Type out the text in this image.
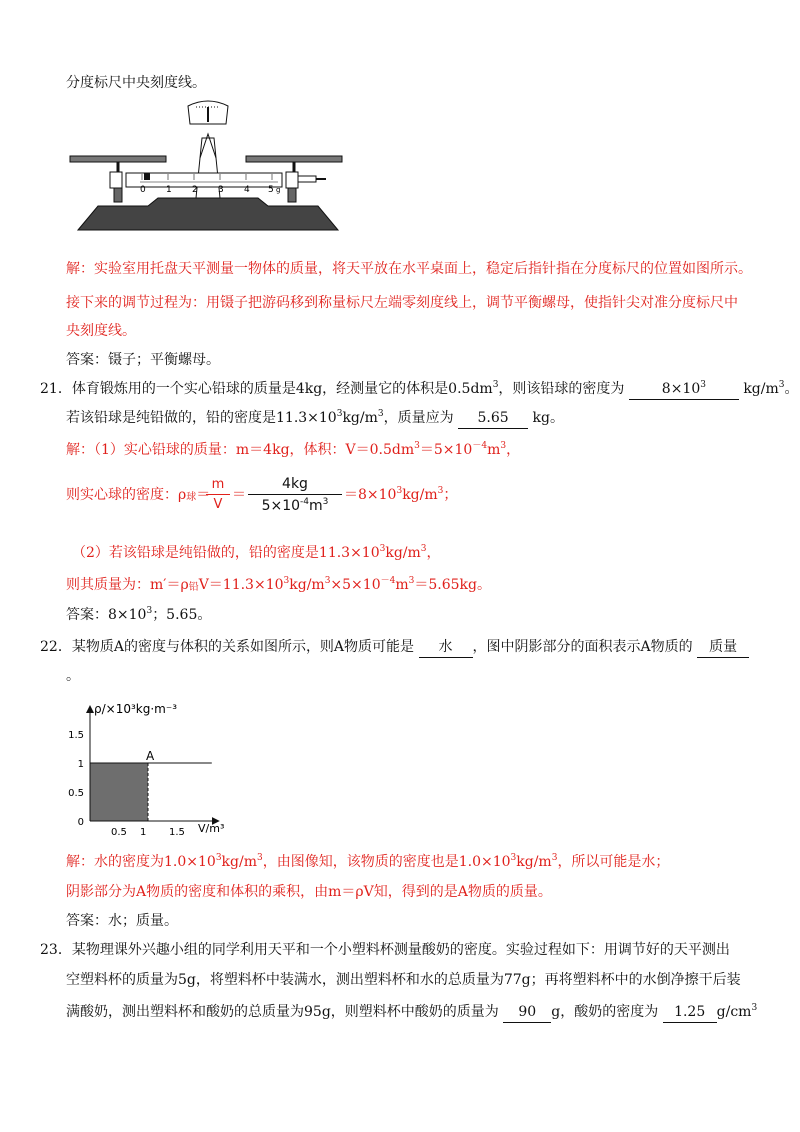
分度标尺中央刻度线。
0 1 2 3 4 5 g
解：实验室用托盘天平测量一物体的质量，将天平放在水平桌面上，稳定后指针指在分度标尺的位置如图所示。
接下来的调节过程为：用镊子把游码移到称量标尺左端零刻度线上，调节平衡螺母，使指针尖对准分度标尺中
央刻度线。
答案：镊子；平衡螺母。
21．体育锻炼用的一个实心铅球的质量是4kg，经测量它的体积是$0.5dm^3$，则该铅球的密度为	$8\times 10^3$	$kg/m^3$。
若该铅球是纯铅做的，铅的密度是$11.3\times 10^3kg/m^3$，质量应为 5.65 kg。
解：（1）实心铅球的质量：m＝4kg，体积：$V=0.5dm^3=5\times 10^{-4}m^3$，
则实心球的密度：ρ球＝
$\frac{m}{V} = \frac{4kg}{5\times 10^{-4}m^3} =8\times 10^3kg/m^3$；
（2）若该铅球是纯铅做的，铅的密度是$11.3\times 10^3kg/m^3$，
则其质量为：m′＝ρ铅$V=11.3\times 10^3kg/m^3\times 5\times 10^{-4}m^3=5.65kg$。
答案：$8\times 10^3$；5.65。
22．某物质A的密度与体积的关系如图所示，则A物质可能是 水 ，图中阴影部分的面积表示A物质的 质量
。
A
0.5 1 1.5
0
0.5
1
1.5
ρ/×10³kg·m⁻³
V/m³
解：水的密度为$1.0\times 10^3kg/m^3$，由图像知，该物质的密度也是$1.0\times 10^3kg/m^3$，所以可能是水；
阴影部分为A物质的密度和体积的乘积，由m＝ρV知，得到的是A物质的质量。
答案：水；质量。
23．某物理课外兴趣小组的同学利用天平和一个小塑料杯测量酸奶的密度。实验过程如下：用调节好的天平测出
空塑料杯的质量为5g，将塑料杯中装满水，测出塑料杯和水的总质量为77g；再将塑料杯中的水倒净擦干后装
满酸奶，测出塑料杯和酸奶的总质量为95g，则塑料杯中酸奶的质量为 90 g，酸奶的密度为 1.25 $g/cm^3$
